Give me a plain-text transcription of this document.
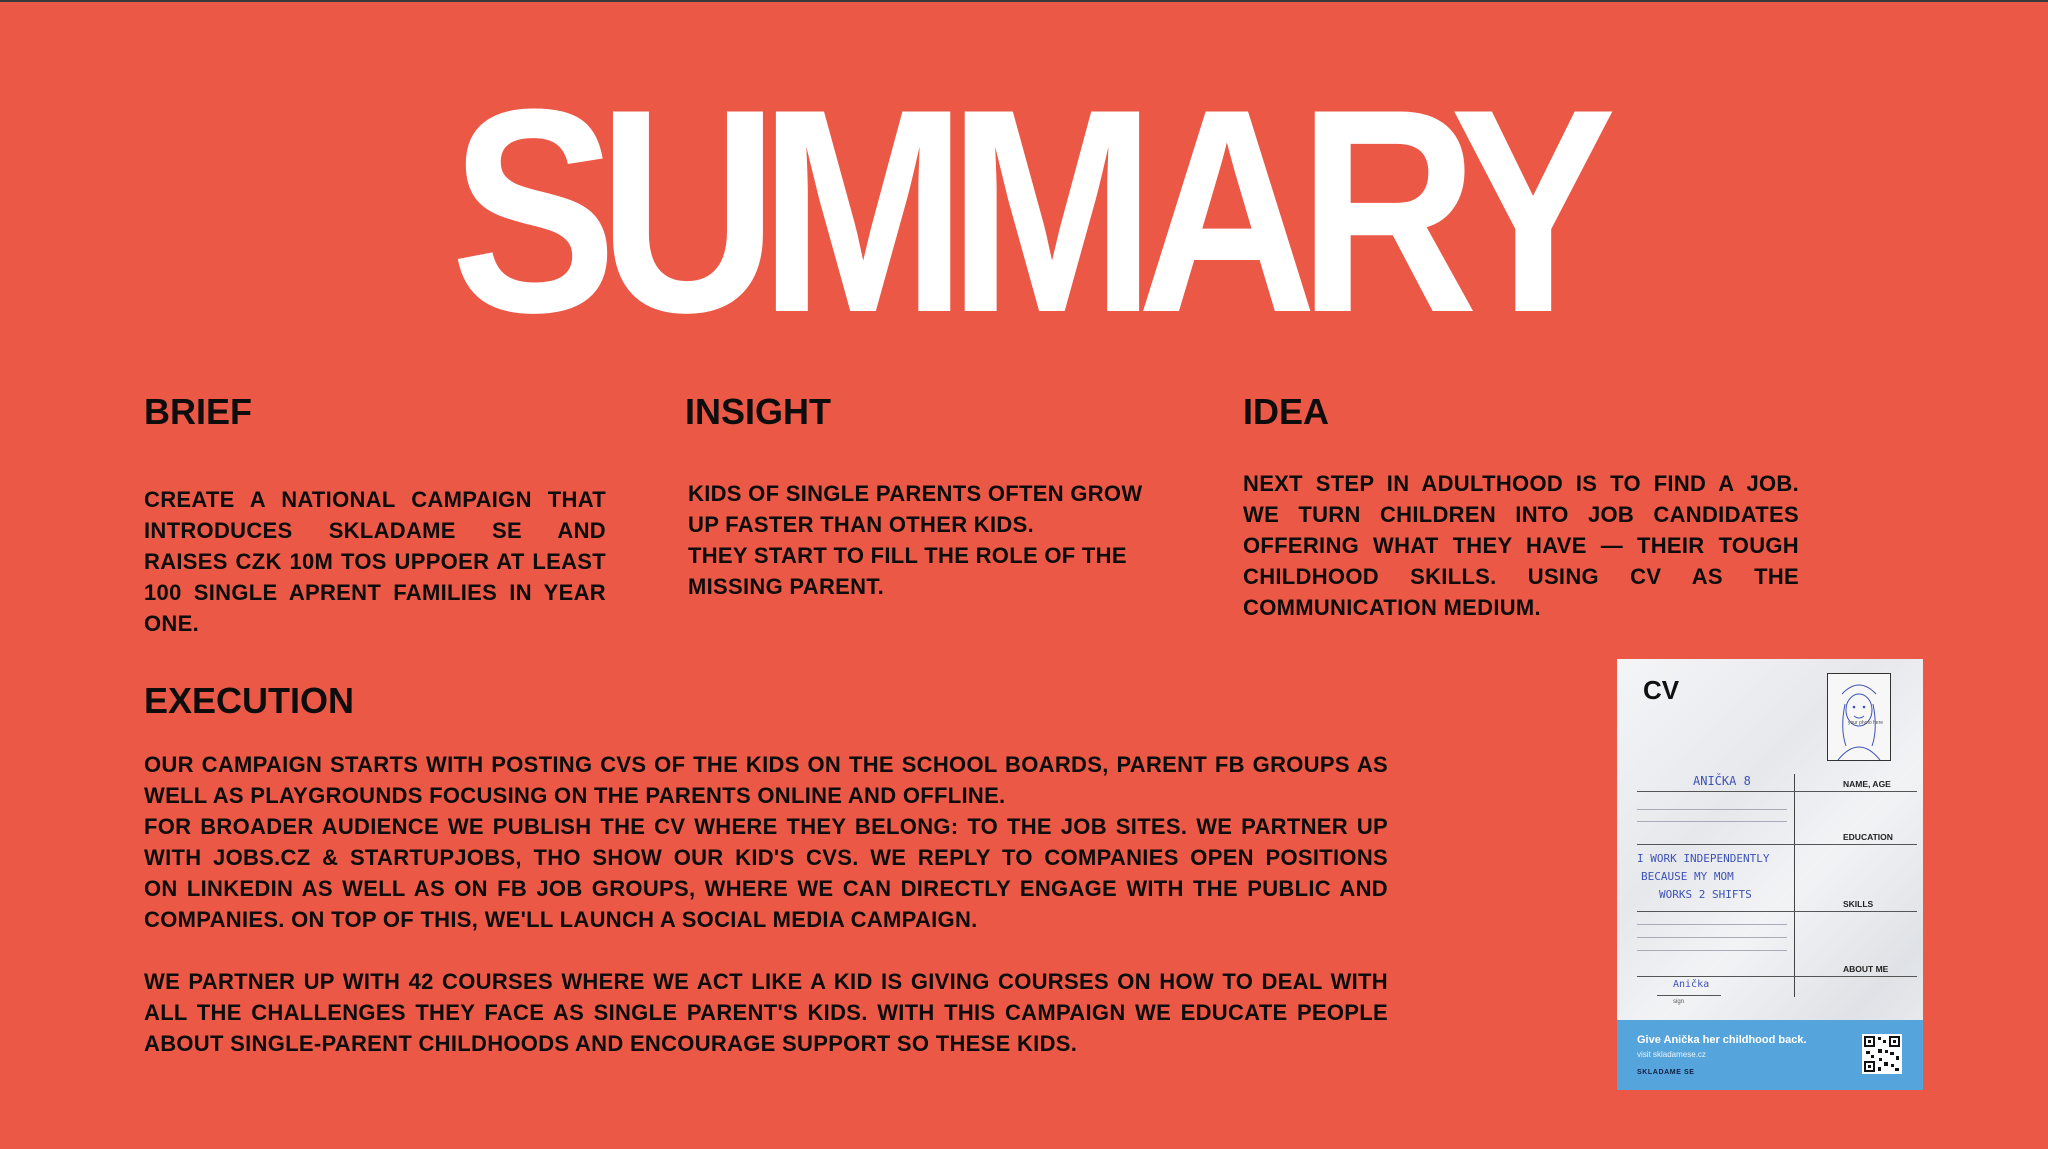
SUMMARY
BRIEF
CREATE A NATIONAL CAMPAIGN THAT
INTRODUCES SKLADAME SE AND
RAISES CZK 10M TOS UPPOER AT LEAST
100 SINGLE APRENT FAMILIES IN YEAR
ONE.
INSIGHT
KIDS OF SINGLE PARENTS OFTEN GROW
UP FASTER THAN OTHER KIDS.
THEY START TO FILL THE ROLE OF THE
MISSING PARENT.
IDEA
NEXT STEP IN ADULTHOOD IS TO FIND A JOB.
WE TURN CHILDREN INTO JOB CANDIDATES
OFFERING WHAT THEY HAVE — THEIR TOUGH
CHILDHOOD SKILLS. USING CV AS THE
COMMUNICATION MEDIUM.
EXECUTION
OUR CAMPAIGN STARTS WITH POSTING CVS OF THE KIDS ON THE SCHOOL BOARDS, PARENT FB GROUPS AS
WELL AS PLAYGROUNDS FOCUSING ON THE PARENTS ONLINE AND OFFLINE.
FOR BROADER AUDIENCE WE PUBLISH THE CV WHERE THEY BELONG: TO THE JOB SITES. WE PARTNER UP
WITH JOBS.CZ & STARTUPJOBS, THO SHOW OUR KID'S CVS. WE REPLY TO COMPANIES OPEN POSITIONS
ON LINKEDIN AS WELL AS ON FB JOB GROUPS, WHERE WE CAN DIRECTLY ENGAGE WITH THE PUBLIC AND
COMPANIES. ON TOP OF THIS, WE'LL LAUNCH A SOCIAL MEDIA CAMPAIGN.
WE PARTNER UP WITH 42 COURSES WHERE WE ACT LIKE A KID IS GIVING COURSES ON HOW TO DEAL WITH
ALL THE CHALLENGES THEY FACE AS SINGLE PARENT'S KIDS. WITH THIS CAMPAIGN WE EDUCATE PEOPLE
ABOUT SINGLE-PARENT CHILDHOODS AND ENCOURAGE SUPPORT SO THESE KIDS.
CV
your photo here
ANIČKA 8	NAME, AGE
EDUCATION
I WORK INDEPENDENTLY
BECAUSE MY MOM
WORKS 2 SHIFTS
SKILLS
ABOUT ME
Anička
sign
Give Anička her childhood back.
visit skladamese.cz
SKLADAME SE
